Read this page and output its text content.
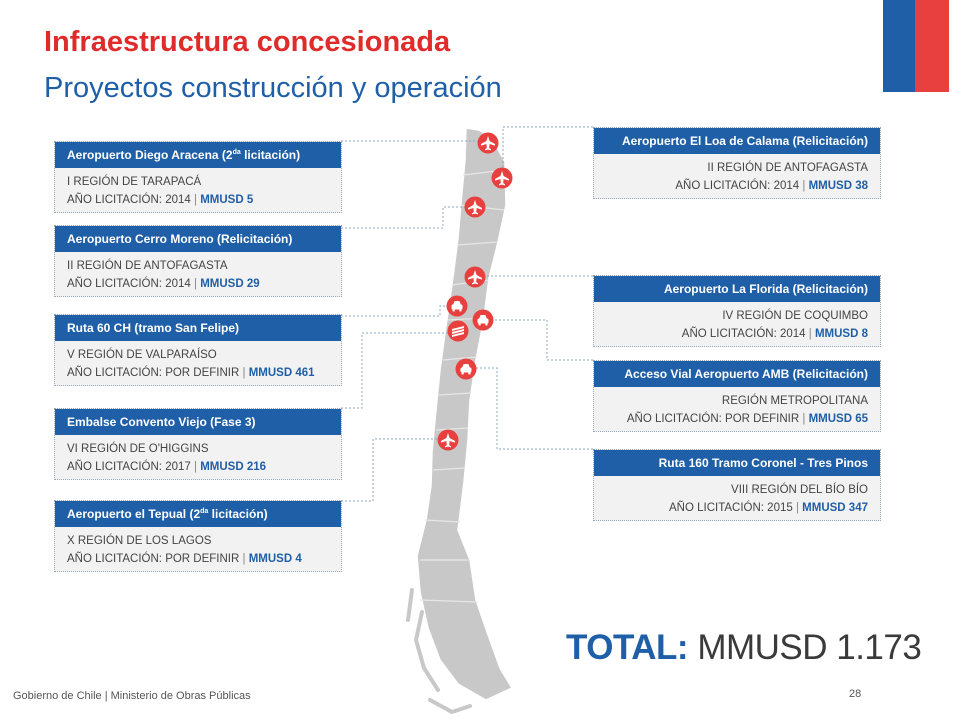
Infraestructura concesionada
Proyectos construcción y operación
Aeropuerto Diego Aracena ($2^{da}$ licitación)
I REGIÓN DE TARAPACÁ
AÑO LICITACIÓN: 2014 | MMUSD 5
Aeropuerto Cerro Moreno (Relicitación)
II REGIÓN DE ANTOFAGASTA
AÑO LICITACIÓN: 2014 | MMUSD 29
Ruta 60 CH (tramo San Felipe)
V REGIÓN DE VALPARAÍSO
AÑO LICITACIÓN: POR DEFINIR | MMUSD 461
Embalse Convento Viejo (Fase 3)
VI REGIÓN DE O'HIGGINS
AÑO LICITACIÓN: 2017 | MMUSD 216
Aeropuerto el Tepual ($2^{da}$ licitación)
X REGIÓN DE LOS LAGOS
AÑO LICITACIÓN: POR DEFINIR | MMUSD 4
Aeropuerto El Loa de Calama (Relicitación)
II REGIÓN DE ANTOFAGASTA
AÑO LICITACIÓN: 2014 | MMUSD 38
Aeropuerto La Florida (Relicitación)
IV REGIÓN DE COQUIMBO
AÑO LICITACIÓN: 2014 | MMUSD 8
Acceso Vial Aeropuerto AMB (Relicitación)
REGIÓN METROPOLITANA
AÑO LICITACIÓN: POR DEFINIR | MMUSD 65
Ruta 160 Tramo Coronel - Tres Pinos
VIII REGIÓN DEL BÍO BÍO
AÑO LICITACIÓN: 2015 | MMUSD 347
TOTAL: MMUSD 1.173
Gobierno de Chile | Ministerio de Obras Públicas	28
